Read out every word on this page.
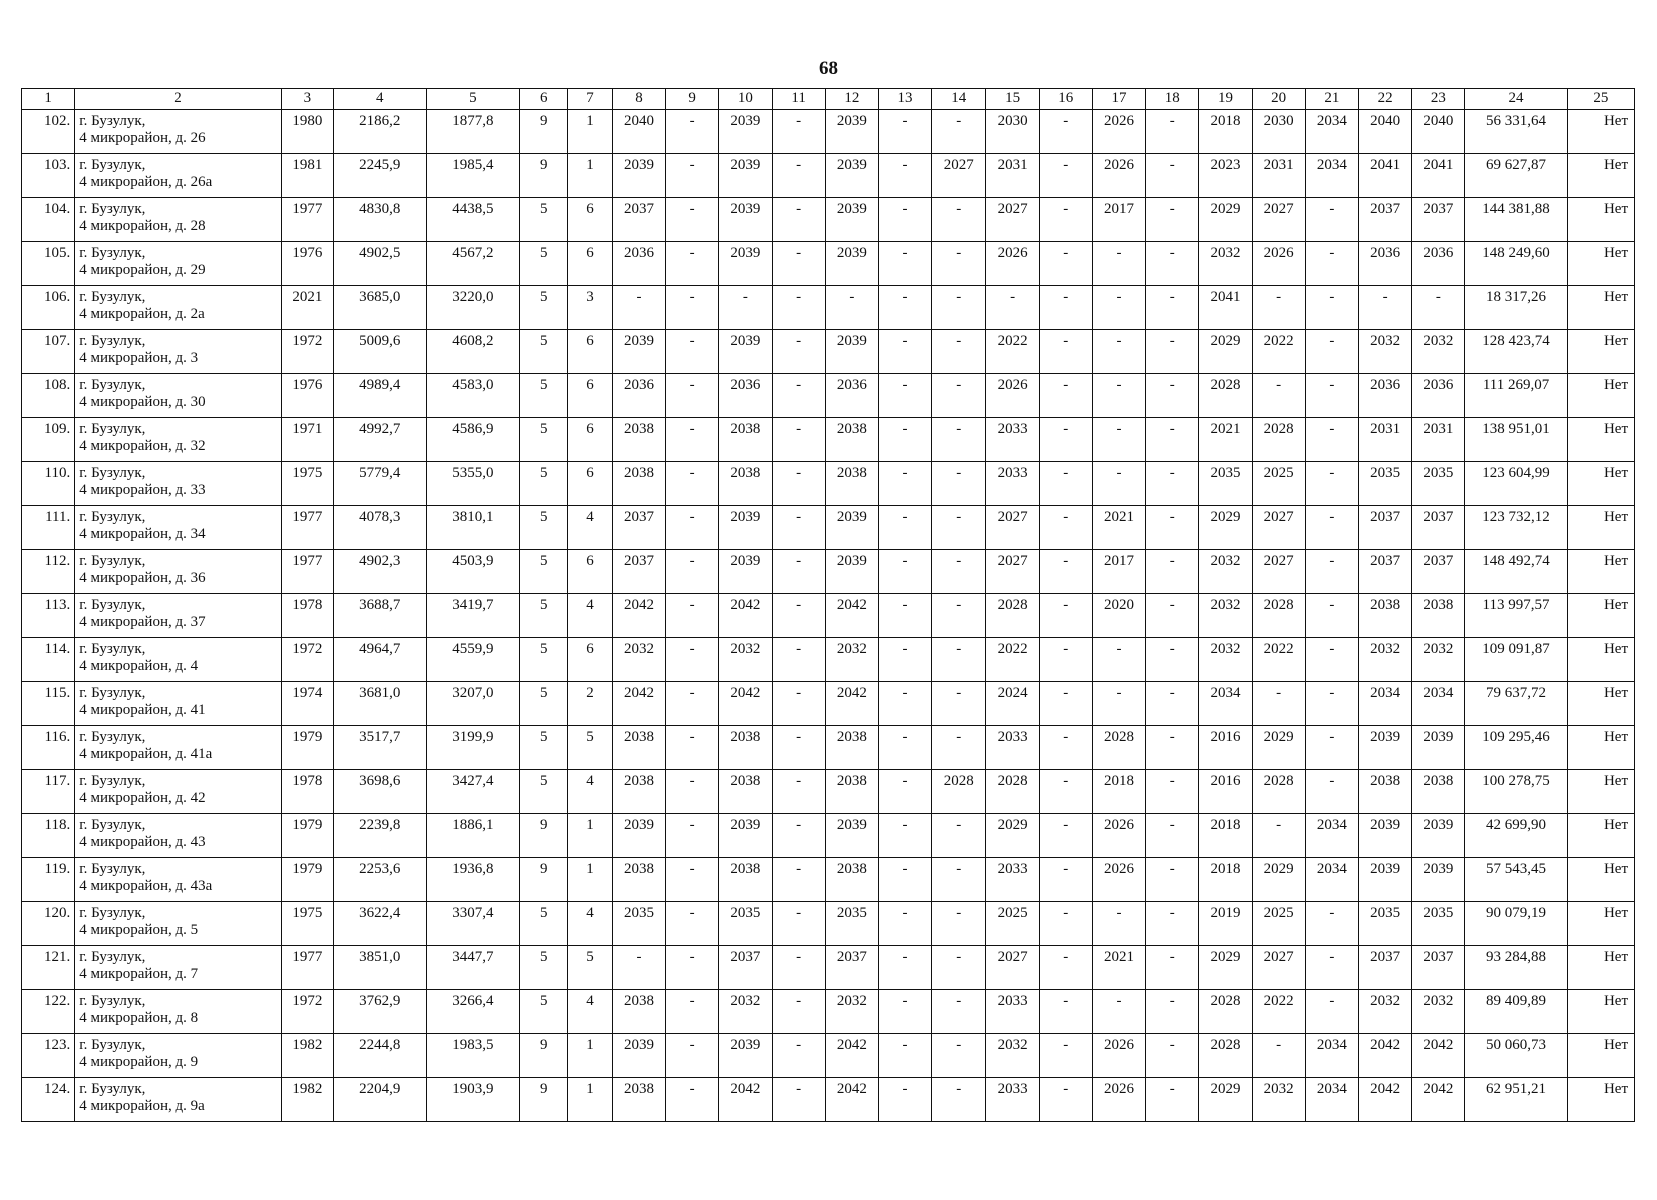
68
1	2	3	4	5	6	7	8	9	10	11	12	13	14	15	16	17	18	19	20	21	22	23	24	25
102.	г. Бузулук,
4 микрорайон, д. 26	1980	2186,2	1877,8	9	1	2040	-	2039	-	2039	-	-	2030	-	2026	-	2018	2030	2034	2040	2040	56 331,64	Нет
103.	г. Бузулук,
4 микрорайон, д. 26а	1981	2245,9	1985,4	9	1	2039	-	2039	-	2039	-	2027	2031	-	2026	-	2023	2031	2034	2041	2041	69 627,87	Нет
104.	г. Бузулук,
4 микрорайон, д. 28	1977	4830,8	4438,5	5	6	2037	-	2039	-	2039	-	-	2027	-	2017	-	2029	2027	-	2037	2037	144 381,88	Нет
105.	г. Бузулук,
4 микрорайон, д. 29	1976	4902,5	4567,2	5	6	2036	-	2039	-	2039	-	-	2026	-	-	-	2032	2026	-	2036	2036	148 249,60	Нет
106.	г. Бузулук,
4 микрорайон, д. 2а	2021	3685,0	3220,0	5	3	-	-	-	-	-	-	-	-	-	-	-	2041	-	-	-	-	18 317,26	Нет
107.	г. Бузулук,
4 микрорайон, д. 3	1972	5009,6	4608,2	5	6	2039	-	2039	-	2039	-	-	2022	-	-	-	2029	2022	-	2032	2032	128 423,74	Нет
108.	г. Бузулук,
4 микрорайон, д. 30	1976	4989,4	4583,0	5	6	2036	-	2036	-	2036	-	-	2026	-	-	-	2028	-	-	2036	2036	111 269,07	Нет
109.	г. Бузулук,
4 микрорайон, д. 32	1971	4992,7	4586,9	5	6	2038	-	2038	-	2038	-	-	2033	-	-	-	2021	2028	-	2031	2031	138 951,01	Нет
110.	г. Бузулук,
4 микрорайон, д. 33	1975	5779,4	5355,0	5	6	2038	-	2038	-	2038	-	-	2033	-	-	-	2035	2025	-	2035	2035	123 604,99	Нет
111.	г. Бузулук,
4 микрорайон, д. 34	1977	4078,3	3810,1	5	4	2037	-	2039	-	2039	-	-	2027	-	2021	-	2029	2027	-	2037	2037	123 732,12	Нет
112.	г. Бузулук,
4 микрорайон, д. 36	1977	4902,3	4503,9	5	6	2037	-	2039	-	2039	-	-	2027	-	2017	-	2032	2027	-	2037	2037	148 492,74	Нет
113.	г. Бузулук,
4 микрорайон, д. 37	1978	3688,7	3419,7	5	4	2042	-	2042	-	2042	-	-	2028	-	2020	-	2032	2028	-	2038	2038	113 997,57	Нет
114.	г. Бузулук,
4 микрорайон, д. 4	1972	4964,7	4559,9	5	6	2032	-	2032	-	2032	-	-	2022	-	-	-	2032	2022	-	2032	2032	109 091,87	Нет
115.	г. Бузулук,
4 микрорайон, д. 41	1974	3681,0	3207,0	5	2	2042	-	2042	-	2042	-	-	2024	-	-	-	2034	-	-	2034	2034	79 637,72	Нет
116.	г. Бузулук,
4 микрорайон, д. 41а	1979	3517,7	3199,9	5	5	2038	-	2038	-	2038	-	-	2033	-	2028	-	2016	2029	-	2039	2039	109 295,46	Нет
117.	г. Бузулук,
4 микрорайон, д. 42	1978	3698,6	3427,4	5	4	2038	-	2038	-	2038	-	2028	2028	-	2018	-	2016	2028	-	2038	2038	100 278,75	Нет
118.	г. Бузулук,
4 микрорайон, д. 43	1979	2239,8	1886,1	9	1	2039	-	2039	-	2039	-	-	2029	-	2026	-	2018	-	2034	2039	2039	42 699,90	Нет
119.	г. Бузулук,
4 микрорайон, д. 43а	1979	2253,6	1936,8	9	1	2038	-	2038	-	2038	-	-	2033	-	2026	-	2018	2029	2034	2039	2039	57 543,45	Нет
120.	г. Бузулук,
4 микрорайон, д. 5	1975	3622,4	3307,4	5	4	2035	-	2035	-	2035	-	-	2025	-	-	-	2019	2025	-	2035	2035	90 079,19	Нет
121.	г. Бузулук,
4 микрорайон, д. 7	1977	3851,0	3447,7	5	5	-	-	2037	-	2037	-	-	2027	-	2021	-	2029	2027	-	2037	2037	93 284,88	Нет
122.	г. Бузулук,
4 микрорайон, д. 8	1972	3762,9	3266,4	5	4	2038	-	2032	-	2032	-	-	2033	-	-	-	2028	2022	-	2032	2032	89 409,89	Нет
123.	г. Бузулук,
4 микрорайон, д. 9	1982	2244,8	1983,5	9	1	2039	-	2039	-	2042	-	-	2032	-	2026	-	2028	-	2034	2042	2042	50 060,73	Нет
124.	г. Бузулук,
4 микрорайон, д. 9а	1982	2204,9	1903,9	9	1	2038	-	2042	-	2042	-	-	2033	-	2026	-	2029	2032	2034	2042	2042	62 951,21	Нет
